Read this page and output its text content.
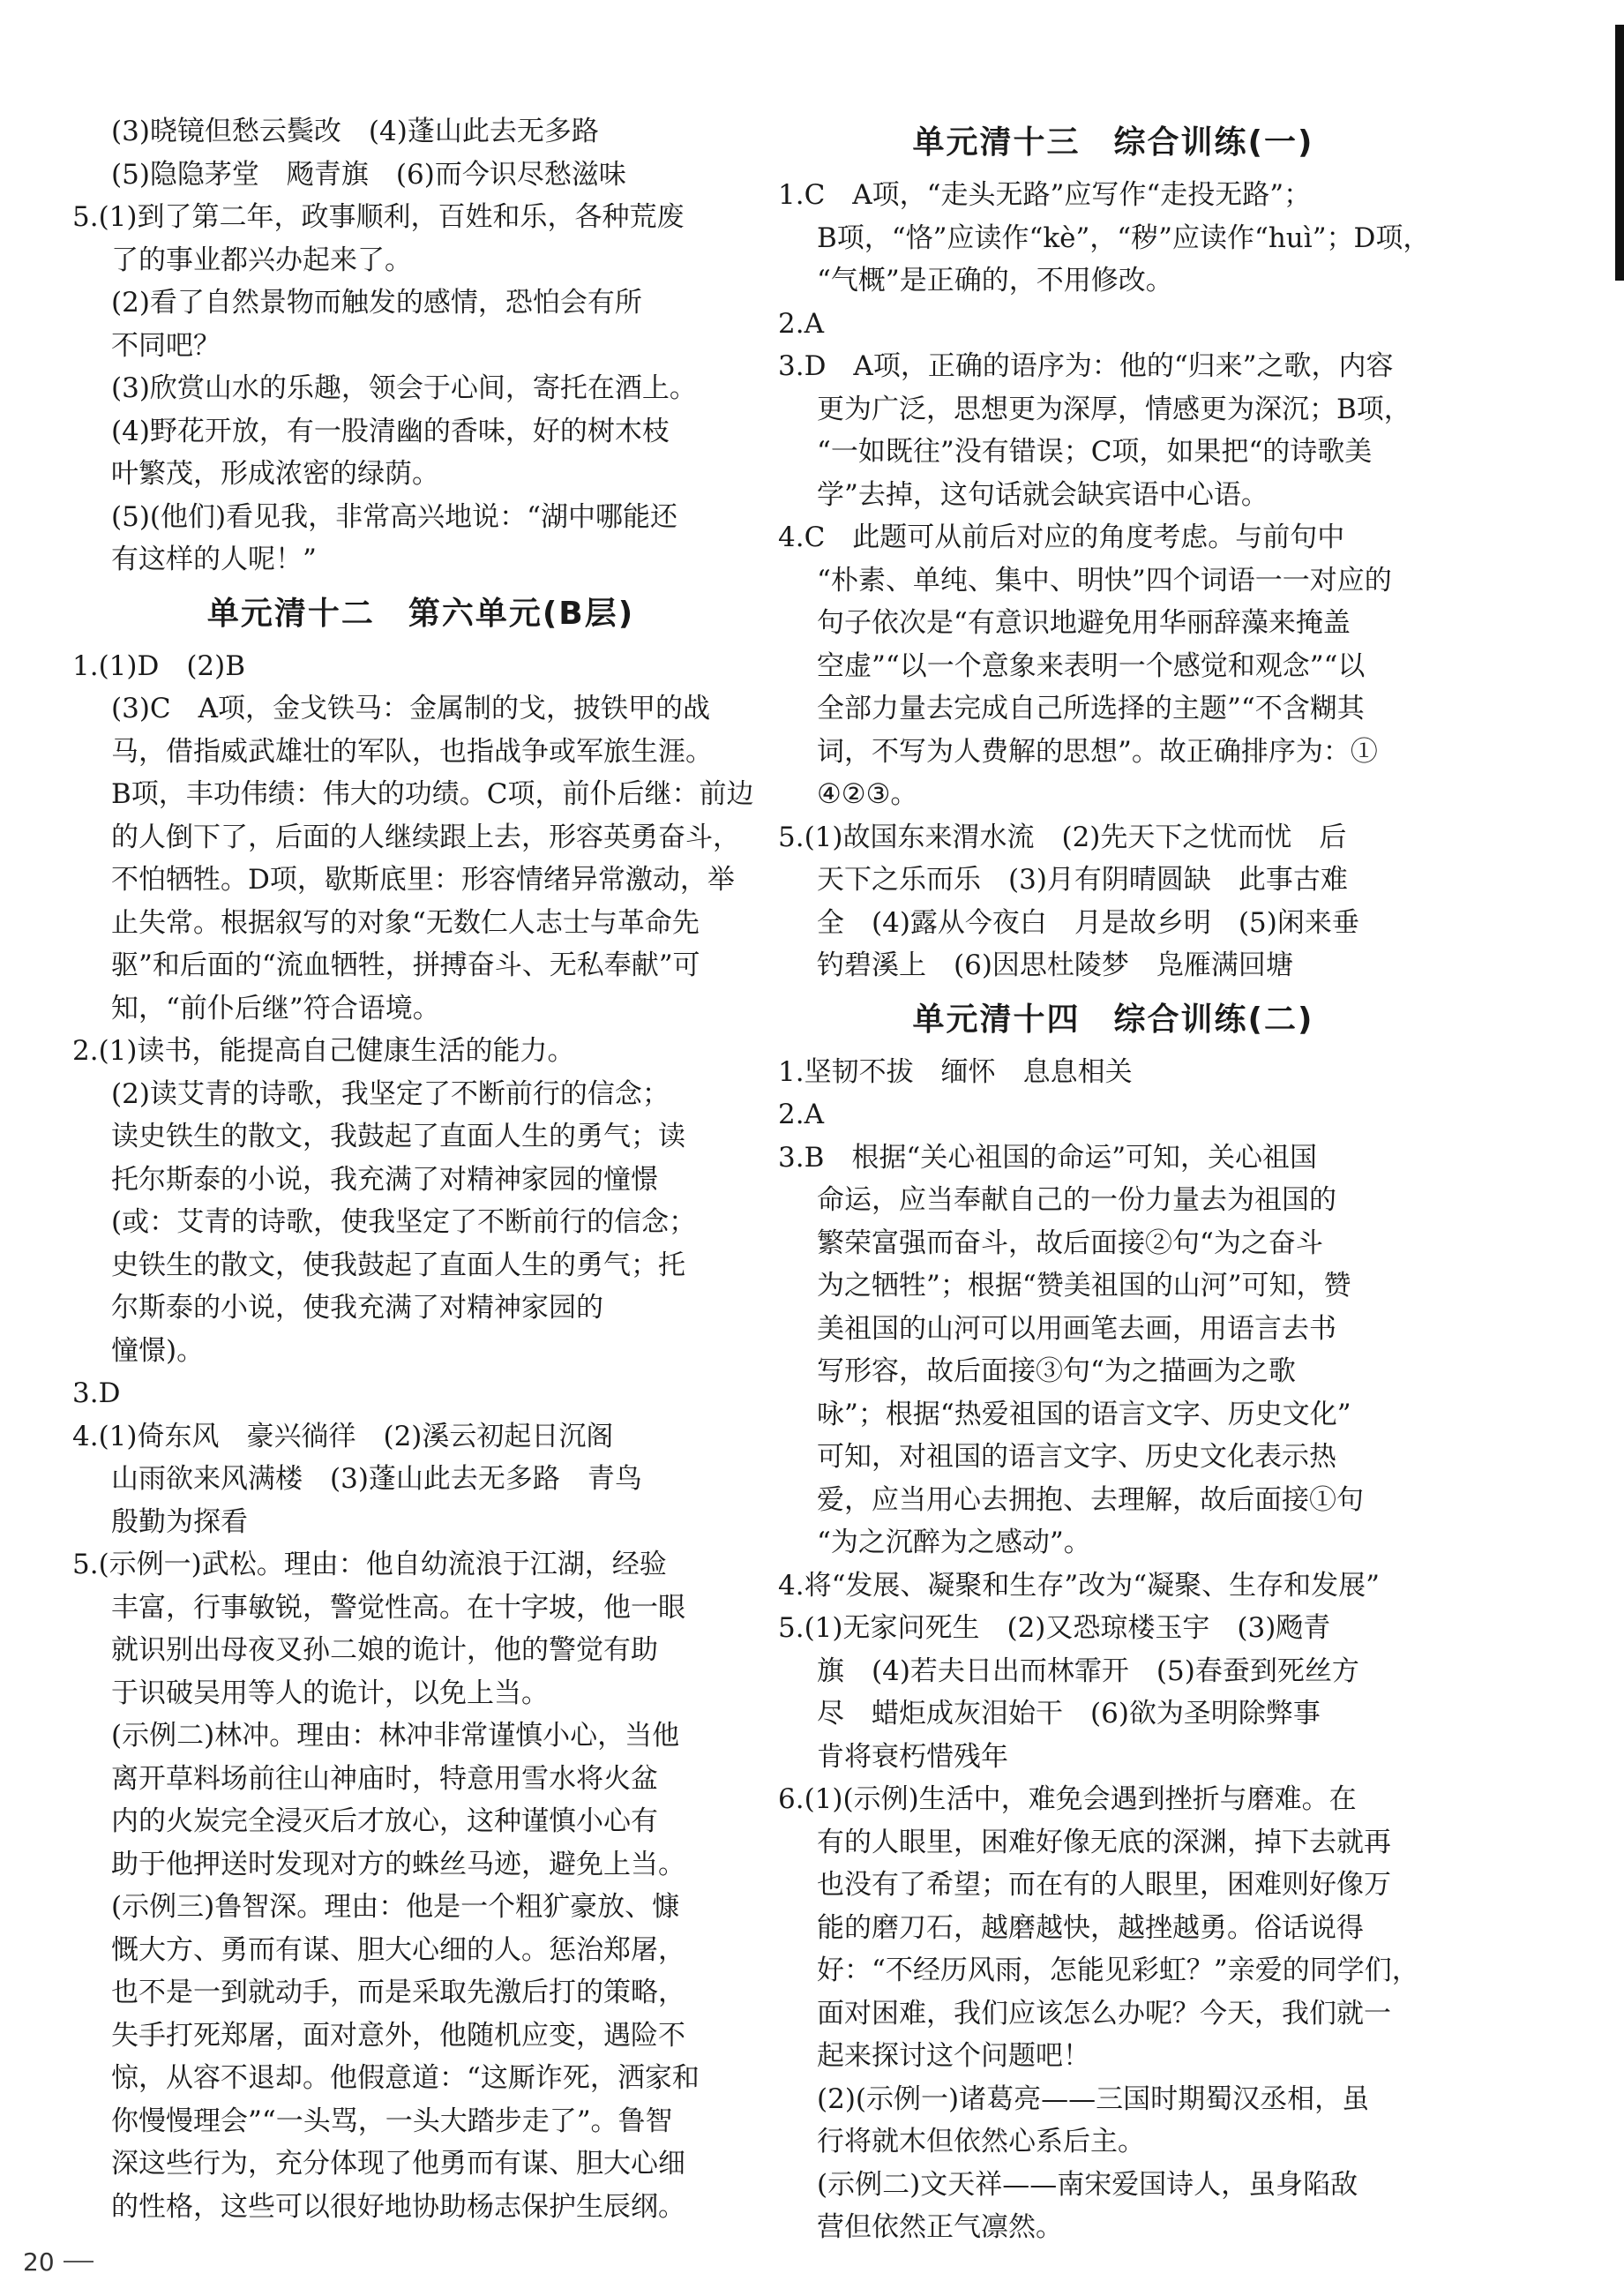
(3)晓镜但愁云鬓改　(4)蓬山此去无多路
(5)隐隐茅堂　飏青旗　(6)而今识尽愁滋味
5.(1)到了第二年，政事顺利，百姓和乐，各种荒废
了的事业都兴办起来了。
(2)看了自然景物而触发的感情，恐怕会有所
不同吧？
(3)欣赏山水的乐趣，领会于心间，寄托在酒上。
(4)野花开放，有一股清幽的香味，好的树木枝
叶繁茂，形成浓密的绿荫。
(5)(他们)看见我，非常高兴地说：“湖中哪能还
有这样的人呢！”
单元清十二　第六单元(B层)
1.(1)D　(2)B
(3)C　A项，金戈铁马：金属制的戈，披铁甲的战
马，借指威武雄壮的军队，也指战争或军旅生涯。
B项，丰功伟绩：伟大的功绩。C项，前仆后继：前边
的人倒下了，后面的人继续跟上去，形容英勇奋斗，
不怕牺牲。D项，歇斯底里：形容情绪异常激动，举
止失常。根据叙写的对象“无数仁人志士与革命先
驱”和后面的“流血牺牲，拼搏奋斗、无私奉献”可
知，“前仆后继”符合语境。
2.(1)读书，能提高自己健康生活的能力。
(2)读艾青的诗歌，我坚定了不断前行的信念；
读史铁生的散文，我鼓起了直面人生的勇气；读
托尔斯泰的小说，我充满了对精神家园的憧憬
(或：艾青的诗歌，使我坚定了不断前行的信念；
史铁生的散文，使我鼓起了直面人生的勇气；托
尔斯泰的小说，使我充满了对精神家园的
憧憬)。
3.D
4.(1)倚东风　豪兴徜徉　(2)溪云初起日沉阁
山雨欲来风满楼　(3)蓬山此去无多路　青鸟
殷勤为探看
5.(示例一)武松。理由：他自幼流浪于江湖，经验
丰富，行事敏锐，警觉性高。在十字坡，他一眼
就识别出母夜叉孙二娘的诡计，他的警觉有助
于识破吴用等人的诡计，以免上当。
(示例二)林冲。理由：林冲非常谨慎小心，当他
离开草料场前往山神庙时，特意用雪水将火盆
内的火炭完全浸灭后才放心，这种谨慎小心有
助于他押送时发现对方的蛛丝马迹，避免上当。
(示例三)鲁智深。理由：他是一个粗犷豪放、慷
慨大方、勇而有谋、胆大心细的人。惩治郑屠，
也不是一到就动手，而是采取先激后打的策略，
失手打死郑屠，面对意外，他随机应变，遇险不
惊，从容不退却。他假意道：“这厮诈死，洒家和
你慢慢理会”“一头骂，一头大踏步走了”。鲁智
深这些行为，充分体现了他勇而有谋、胆大心细
的性格，这些可以很好地协助杨志保护生辰纲。
单元清十三　综合训练(一)
1.C　A项，“走头无路”应写作“走投无路”；
B项，“恪”应读作“kè”，“秽”应读作“huì”；D项，
“气概”是正确的，不用修改。
2.A
3.D　A项，正确的语序为：他的“归来”之歌，内容
更为广泛，思想更为深厚，情感更为深沉；B项，
“一如既往”没有错误；C项，如果把“的诗歌美
学”去掉，这句话就会缺宾语中心语。
4.C　此题可从前后对应的角度考虑。与前句中
“朴素、单纯、集中、明快”四个词语一一对应的
句子依次是“有意识地避免用华丽辞藻来掩盖
空虚”“以一个意象来表明一个感觉和观念”“以
全部力量去完成自己所选择的主题”“不含糊其
词，不写为人费解的思想”。故正确排序为：①
④②③。
5.(1)故国东来渭水流　(2)先天下之忧而忧　后
天下之乐而乐　(3)月有阴晴圆缺　此事古难
全　(4)露从今夜白　月是故乡明　(5)闲来垂
钓碧溪上　(6)因思杜陵梦　凫雁满回塘
单元清十四　综合训练(二)
1.坚韧不拔　缅怀　息息相关
2.A
3.B　根据“关心祖国的命运”可知，关心祖国
命运，应当奉献自己的一份力量去为祖国的
繁荣富强而奋斗，故后面接②句“为之奋斗
为之牺牲”；根据“赞美祖国的山河”可知，赞
美祖国的山河可以用画笔去画，用语言去书
写形容，故后面接③句“为之描画为之歌
咏”；根据“热爱祖国的语言文字、历史文化”
可知，对祖国的语言文字、历史文化表示热
爱，应当用心去拥抱、去理解，故后面接①句
“为之沉醉为之感动”。
4.将“发展、凝聚和生存”改为“凝聚、生存和发展”
5.(1)无家问死生　(2)又恐琼楼玉宇　(3)飏青
旗　(4)若夫日出而林霏开　(5)春蚕到死丝方
尽　蜡炬成灰泪始干　(6)欲为圣明除弊事
肯将衰朽惜残年
6.(1)(示例)生活中，难免会遇到挫折与磨难。在
有的人眼里，困难好像无底的深渊，掉下去就再
也没有了希望；而在有的人眼里，困难则好像万
能的磨刀石，越磨越快，越挫越勇。俗话说得
好：“不经历风雨，怎能见彩虹？”亲爱的同学们，
面对困难，我们应该怎么办呢？今天，我们就一
起来探讨这个问题吧！
(2)(示例一)诸葛亮——三国时期蜀汉丞相，虽
行将就木但依然心系后主。
(示例二)文天祥——南宋爱国诗人，虽身陷敌
营但依然正气凛然。
20
